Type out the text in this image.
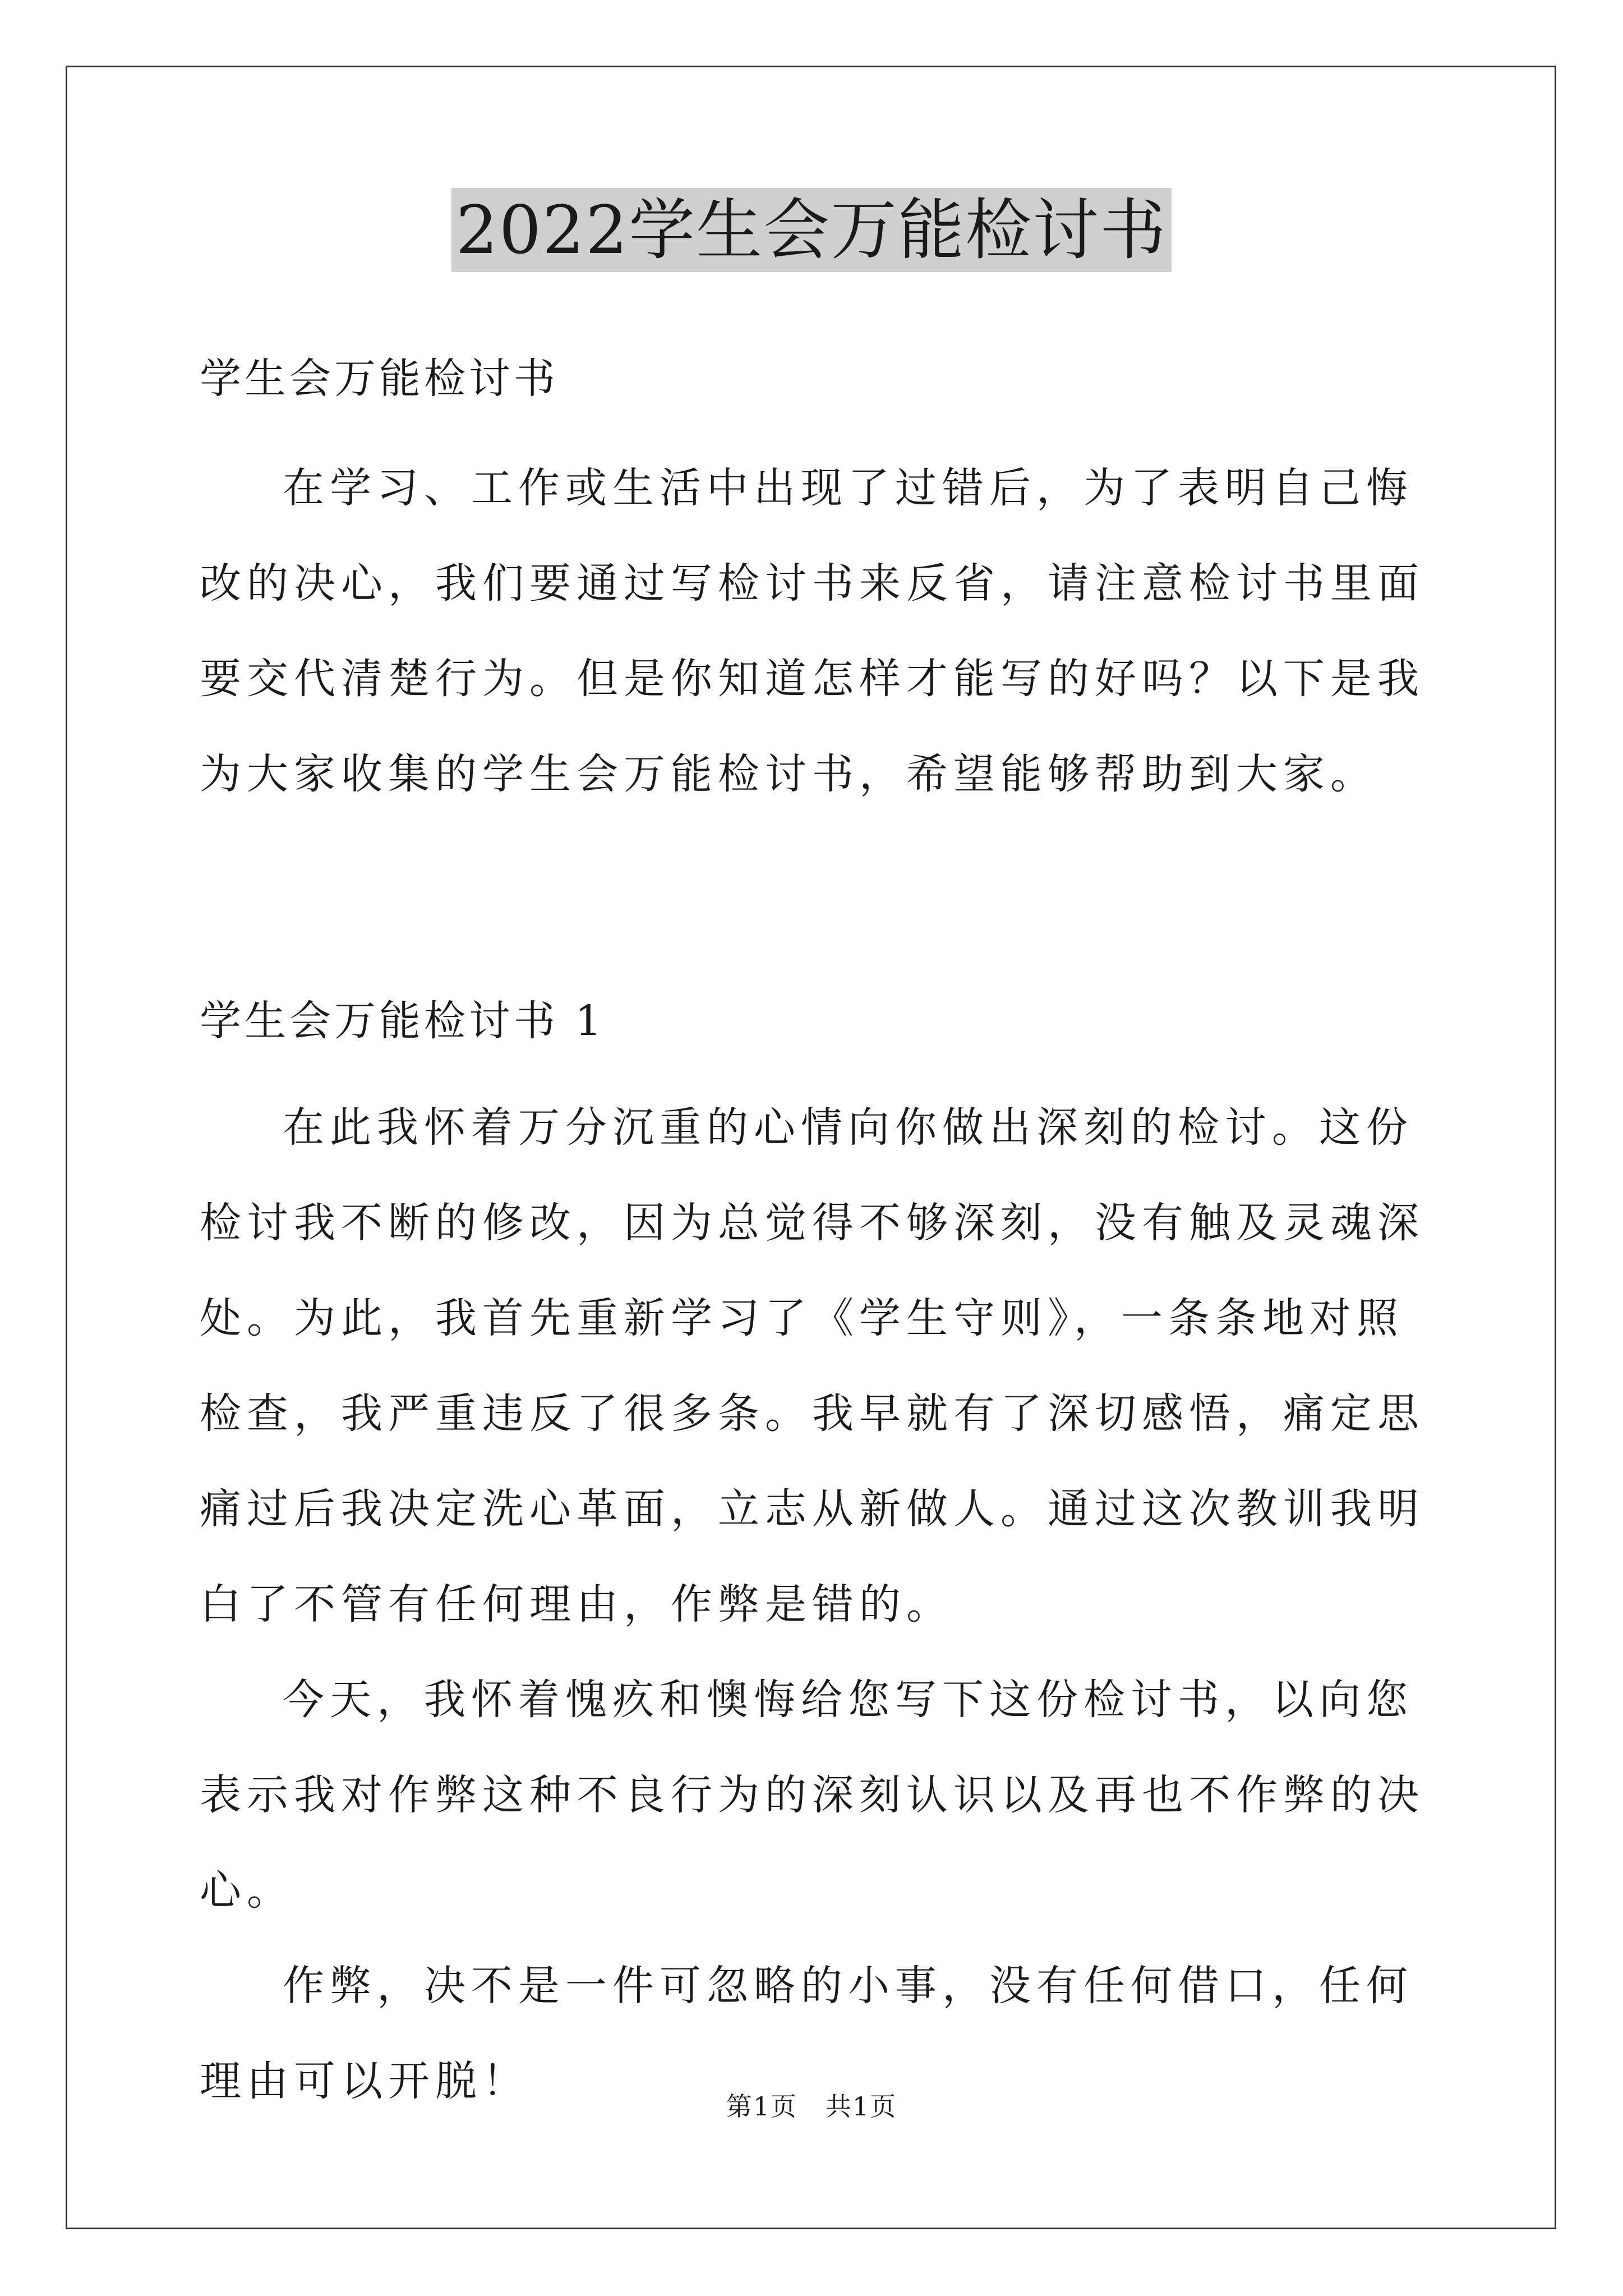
2022学生会万能检讨书
学生会万能检讨书

在学习、工作或生活中出现了过错后，为了表明自己悔改的决心，我们要通过写检讨书来反省，请注意检讨书里面要交代清楚行为。但是你知道怎样才能写的好吗？以下是我为大家收集的学生会万能检讨书，希望能够帮助到大家。

学生会万能检讨书 1

在此我怀着万分沉重的心情向你做出深刻的检讨。这份检讨我不断的修改，因为总觉得不够深刻，没有触及灵魂深处。为此，我首先重新学习了《学生守则》，一条条地对照检查，我严重违反了很多条。我早就有了深切感悟，痛定思痛过后我决定洗心革面，立志从新做人。通过这次教训我明白了不管有任何理由，作弊是错的。

今天，我怀着愧疚和懊悔给您写下这份检讨书，以向您表示我对作弊这种不良行为的深刻认识以及再也不作弊的决心。

作弊，决不是一件可忽略的小事，没有任何借口，任何理由可以开脱！

第1页 共1页
